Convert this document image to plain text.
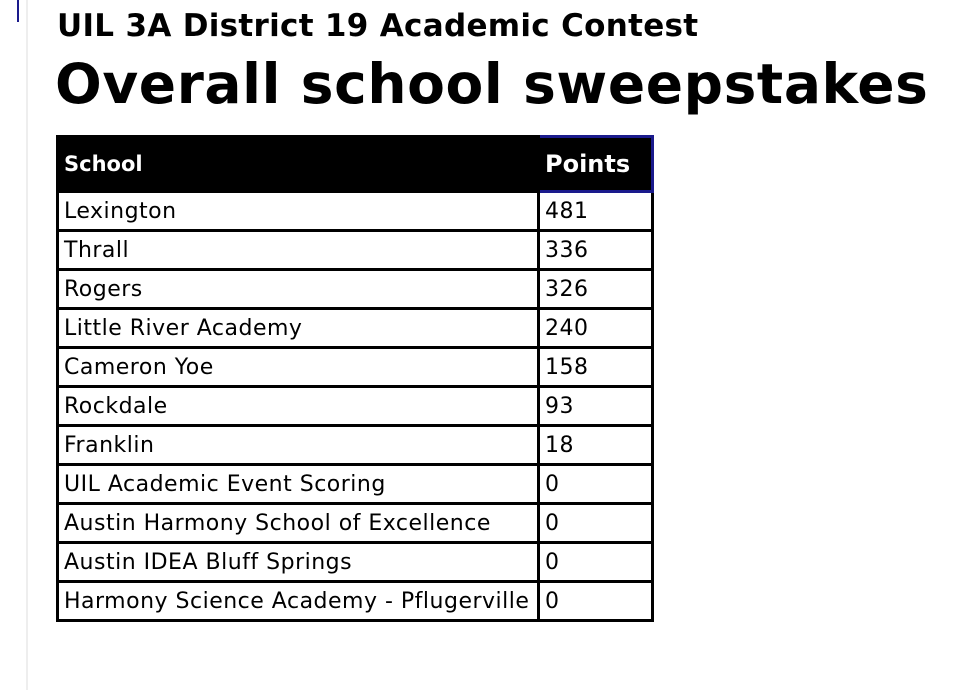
UIL 3A District 19 Academic Contest
Overall school sweepstakes
School	Points
Lexington	481
Thrall	336
Rogers	326
Little River Academy	240
Cameron Yoe	158
Rockdale	93
Franklin	18
UIL Academic Event Scoring	0
Austin Harmony School of Excellence	0
Austin IDEA Bluff Springs	0
Harmony Science Academy - Pflugerville	0
